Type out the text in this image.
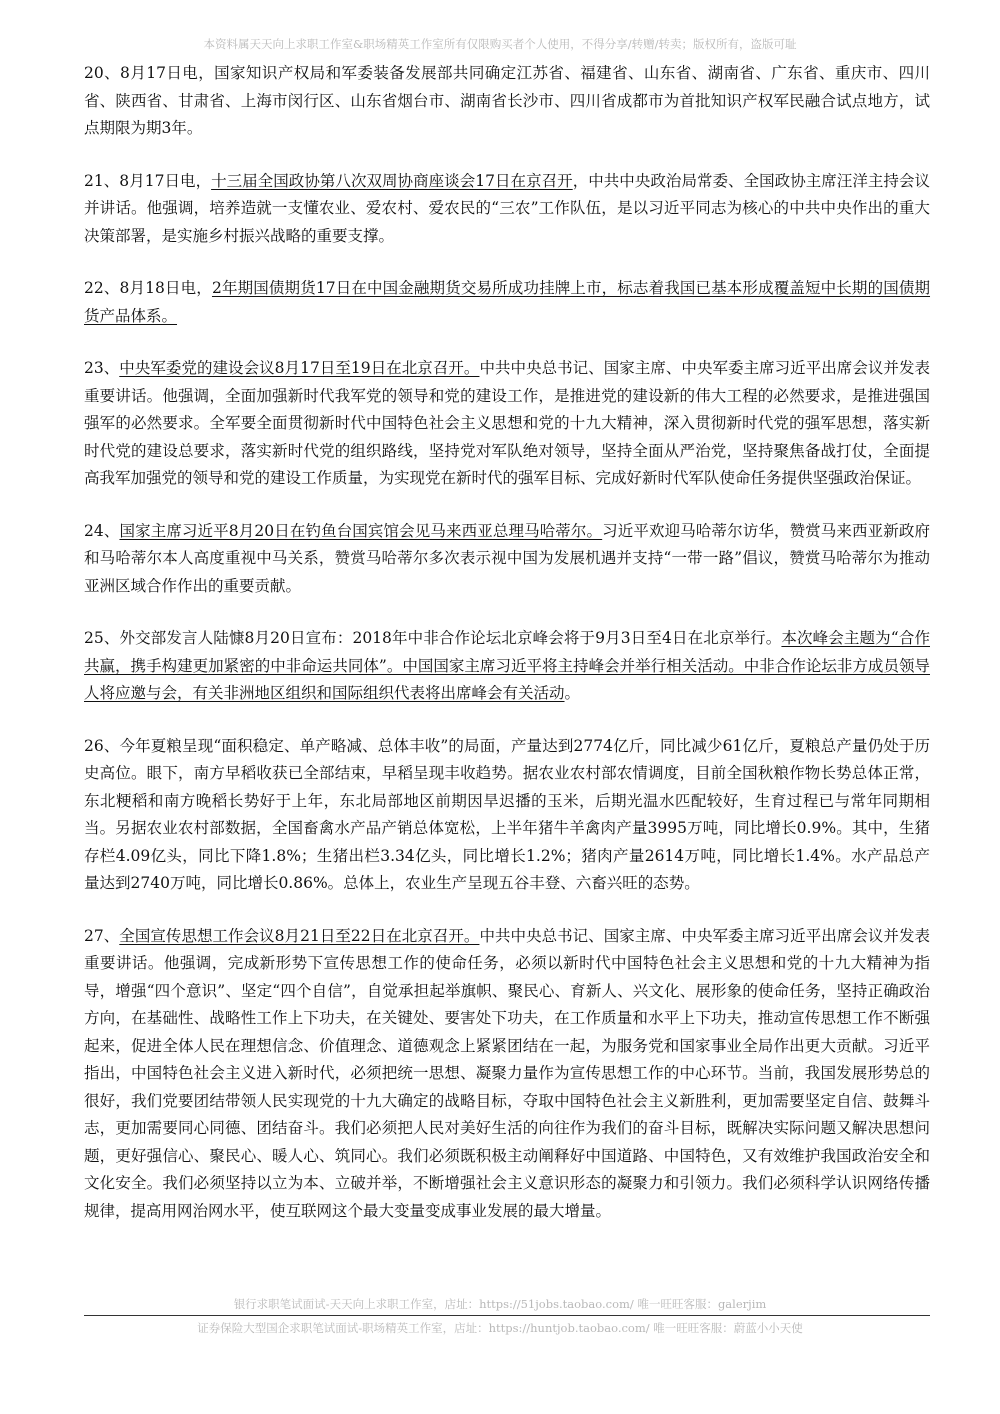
本资料属天天向上求职工作室&职场精英工作室所有仅限购买者个人使用，不得分享/转赠/转卖；版权所有，盗版可耻

20、8月17日电，国家知识产权局和军委装备发展部共同确定江苏省、福建省、山东省、湖南省、广东省、重庆市、四川省、陕西省、甘肃省、上海市闵行区、山东省烟台市、湖南省长沙市、四川省成都市为首批知识产权军民融合试点地方，试点期限为期3年。

21、8月17日电，十三届全国政协第八次双周协商座谈会17日在京召开，中共中央政治局常委、全国政协主席汪洋主持会议并讲话。他强调，培养造就一支懂农业、爱农村、爱农民的“三农”工作队伍，是以习近平同志为核心的中共中央作出的重大决策部署，是实施乡村振兴战略的重要支撑。

22、8月18日电，2年期国债期货17日在中国金融期货交易所成功挂牌上市，标志着我国已基本形成覆盖短中长期的国债期货产品体系。

23、中央军委党的建设会议8月17日至19日在北京召开。中共中央总书记、国家主席、中央军委主席习近平出席会议并发表重要讲话。他强调，全面加强新时代我军党的领导和党的建设工作，是推进党的建设新的伟大工程的必然要求，是推进强国强军的必然要求。全军要全面贯彻新时代中国特色社会主义思想和党的十九大精神，深入贯彻新时代党的强军思想，落实新时代党的建设总要求，落实新时代党的组织路线，坚持党对军队绝对领导，坚持全面从严治党，坚持聚焦备战打仗，全面提高我军加强党的领导和党的建设工作质量，为实现党在新时代的强军目标、完成好新时代军队使命任务提供坚强政治保证。

24、国家主席习近平8月20日在钓鱼台国宾馆会见马来西亚总理马哈蒂尔。习近平欢迎马哈蒂尔访华，赞赏马来西亚新政府和马哈蒂尔本人高度重视中马关系，赞赏马哈蒂尔多次表示视中国为发展机遇并支持“一带一路”倡议，赞赏马哈蒂尔为推动亚洲区域合作作出的重要贡献。

25、外交部发言人陆慷8月20日宣布：2018年中非合作论坛北京峰会将于9月3日至4日在北京举行。本次峰会主题为“合作共赢，携手构建更加紧密的中非命运共同体”。中国国家主席习近平将主持峰会并举行相关活动。中非合作论坛非方成员领导人将应邀与会，有关非洲地区组织和国际组织代表将出席峰会有关活动。

26、今年夏粮呈现“面积稳定、单产略减、总体丰收”的局面，产量达到2774亿斤，同比减少61亿斤，夏粮总产量仍处于历史高位。眼下，南方早稻收获已全部结束，早稻呈现丰收趋势。据农业农村部农情调度，目前全国秋粮作物长势总体正常，东北粳稻和南方晚稻长势好于上年，东北局部地区前期因旱迟播的玉米，后期光温水匹配较好，生育过程已与常年同期相当。另据农业农村部数据，全国畜禽水产品产销总体宽松，上半年猪牛羊禽肉产量3995万吨，同比增长0.9%。其中，生猪存栏4.09亿头，同比下降1.8%；生猪出栏3.34亿头，同比增长1.2%；猪肉产量2614万吨，同比增长1.4%。水产品总产量达到2740万吨，同比增长0.86%。总体上，农业生产呈现五谷丰登、六畜兴旺的态势。

27、全国宣传思想工作会议8月21日至22日在北京召开。中共中央总书记、国家主席、中央军委主席习近平出席会议并发表重要讲话。他强调，完成新形势下宣传思想工作的使命任务，必须以新时代中国特色社会主义思想和党的十九大精神为指导，增强“四个意识”、坚定“四个自信”，自觉承担起举旗帜、聚民心、育新人、兴文化、展形象的使命任务，坚持正确政治方向，在基础性、战略性工作上下功夫，在关键处、要害处下功夫，在工作质量和水平上下功夫，推动宣传思想工作不断强起来，促进全体人民在理想信念、价值理念、道德观念上紧紧团结在一起，为服务党和国家事业全局作出更大贡献。习近平指出，中国特色社会主义进入新时代，必须把统一思想、凝聚力量作为宣传思想工作的中心环节。当前，我国发展形势总的很好，我们党要团结带领人民实现党的十九大确定的战略目标，夺取中国特色社会主义新胜利，更加需要坚定自信、鼓舞斗志，更加需要同心同德、团结奋斗。我们必须把人民对美好生活的向往作为我们的奋斗目标，既解决实际问题又解决思想问题，更好强信心、聚民心、暖人心、筑同心。我们必须既积极主动阐释好中国道路、中国特色，又有效维护我国政治安全和文化安全。我们必须坚持以立为本、立破并举，不断增强社会主义意识形态的凝聚力和引领力。我们必须科学认识网络传播规律，提高用网治网水平，使互联网这个最大变量变成事业发展的最大增量。

银行求职笔试面试-天天向上求职工作室，店址：https://51jobs.taobao.com/ 唯一旺旺客服：galerjim
证券保险大型国企求职笔试面试-职场精英工作室，店址：https://huntjob.taobao.com/ 唯一旺旺客服：蔚蓝小小天使
